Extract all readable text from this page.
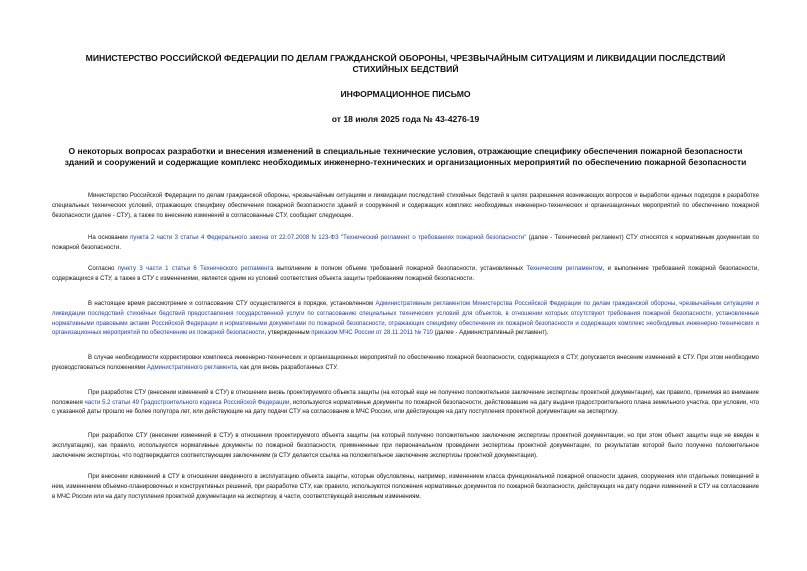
МИНИСТЕРСТВО РОССИЙСКОЙ ФЕДЕРАЦИИ ПО ДЕЛАМ ГРАЖДАНСКОЙ ОБОРОНЫ, ЧРЕЗВЫЧАЙНЫМ СИТУАЦИЯМ И ЛИКВИДАЦИИ ПОСЛЕДСТВИЙ СТИХИЙНЫХ БЕДСТВИЙ

ИНФОРМАЦИОННОЕ ПИСЬМО

от 18 июля 2025 года № 43-4276-19

О некоторых вопросах разработки и внесения изменений в специальные технические условия, отражающие специфику обеспечения пожарной безопасности зданий и сооружений и содержащие комплекс необходимых инженерно-технических и организационных мероприятий по обеспечению пожарной безопасности

Министерство Российской Федерации по делам гражданской обороны, чрезвычайным ситуациям и ликвидации последствий стихийных бедствий в целях разрешения возникающих вопросов и выработки единых подходов к разработке специальных технических условий, отражающих специфику обеспечения пожарной безопасности зданий и сооружений и содержащих комплекс необходимых инженерно-технических и организационных мероприятий по обеспечению пожарной безопасности (далее - СТУ), а также по внесению изменений в согласованные СТУ, сообщает следующее.

На основании пункта 2 части 3 статьи 4 Федерального закона от 22.07.2008 N 123-ФЗ "Технический регламент о требованиях пожарной безопасности" (далее - Технический регламент) СТУ относятся к нормативным документам по пожарной безопасности.

Согласно пункту 3 части 1 статьи 6 Технического регламента выполнение в полном объеме требований пожарной безопасности, установленных Техническим регламентом, и выполнение требований пожарной безопасности, содержащихся в СТУ, а также в СТУ с изменениями, является одним из условий соответствия объекта защиты требованиям пожарной безопасности.

В настоящее время рассмотрение и согласование СТУ осуществляется в порядке, установленном Административным регламентом Министерства Российской Федерации по делам гражданской обороны, чрезвычайным ситуациям и ликвидации последствий стихийных бедствий предоставления государственной услуги по согласованию специальных технических условий для объектов, в отношении которых отсутствуют требования пожарной безопасности, установленные нормативными правовыми актами Российской Федерации и нормативными документами по пожарной безопасности, отражающих специфику обеспечения их пожарной безопасности и содержащих комплекс необходимых инженерно-технических и организационных мероприятий по обеспечению их пожарной безопасности, утвержденным приказом МЧС России от 28.11.2011 № 710 (далее - Административный регламент).

В случае необходимости корректировки комплекса инженерно-технических и организационных мероприятий по обеспечению пожарной безопасности, содержащихся в СТУ, допускается внесение изменений в СТУ. При этом необходимо руководствоваться положениями Административного регламента, как для вновь разработанных СТУ.

При разработке СТУ (внесении изменений в СТУ) в отношении вновь проектируемого объекта защиты (на который еще не получено положительное заключение экспертизы проектной документации), как правило, принимая во внимание положения части 5.2 статьи 49 Градостроительного кодекса Российской Федерации, используются нормативные документы по пожарной безопасности, действовавшие на дату выдачи градостроительного плана земельного участка, при условии, что с указанной даты прошло не более полутора лет, или действующие на дату подачи СТУ на согласование в МЧС России, или действующие на дату поступления проектной документации на экспертизу.

При разработке СТУ (внесении изменений в СТУ) в отношении проектируемого объекта защиты (на который получено положительное заключение экспертизы проектной документации, но при этом объект защиты еще не введен в эксплуатацию), как правило, используются нормативные документы по пожарной безопасности, примененные при первоначальном проведении экспертизы проектной документации, по результатам которой было получено положительное заключение экспертизы, что подтверждается соответствующим заключением (в СТУ делается ссылка на положительное заключение экспертизы проектной документации).

При внесении изменений в СТУ в отношении введенного в эксплуатацию объекта защиты, которые обусловлены, например, изменением класса функциональной пожарной опасности здания, сооружения или отдельных помещений в нем, изменением объемно-планировочных и конструктивных решений, при разработке СТУ, как правило, используются положения нормативных документов по пожарной безопасности, действующих на дату подачи изменений в СТУ на согласование в МЧС России или на дату поступления проектной документации на экспертизу, в части, соответствующей вносимым изменениям.
